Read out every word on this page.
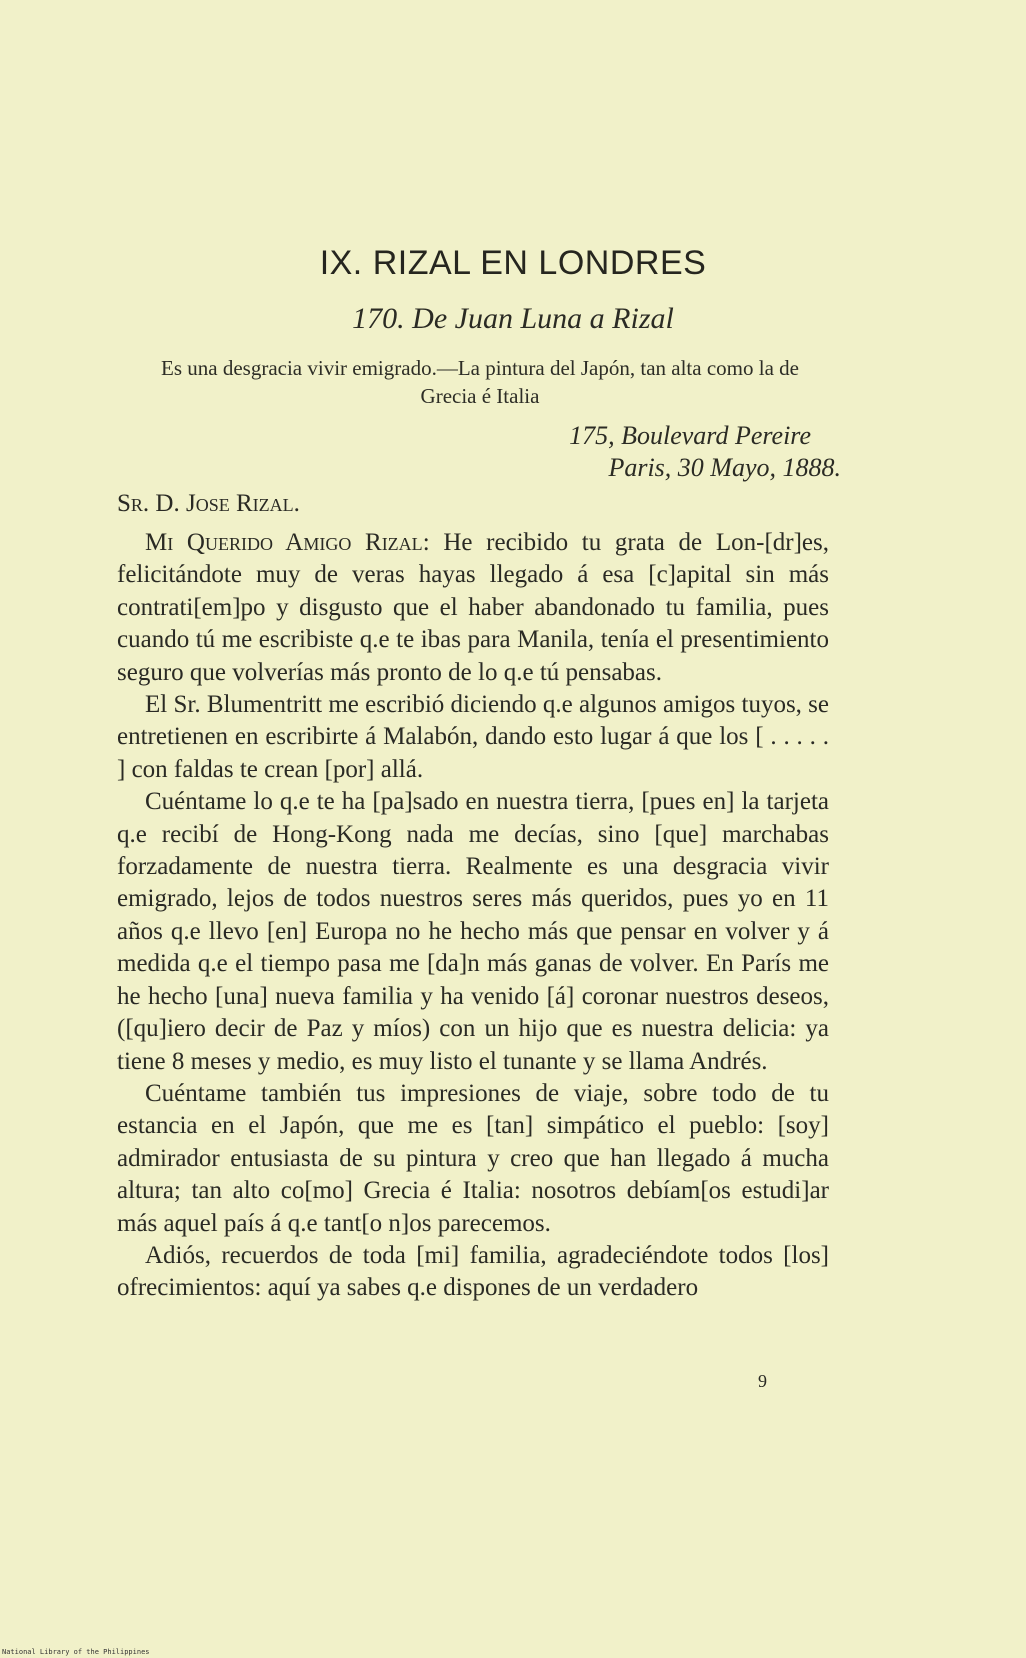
IX. RIZAL EN LONDRES
170. De Juan Luna a Rizal
Es una desgracia vivir emigrado.—La pintura del Japón, tan alta como la de Grecia é Italia
175, Boulevard Pereire
Paris, 30 Mayo, 1888.
Sr. D. Jose Rizal.

Mi Querido Amigo Rizal: He recibido tu grata de Lon-[dr]es, felicitándote muy de veras hayas llegado á esa [c]apital sin más contrati[em]po y disgusto que el haber abandonado tu familia, pues cuando tú me escribiste q.e te ibas para Manila, tenía el presentimiento seguro que volverías más pronto de lo q.e tú pensabas.

El Sr. Blumentritt me escribió diciendo q.e algunos amigos tuyos, se entretienen en escribirte á Malabón, dando esto lugar á que los [ . . . . . ] con faldas te crean [por] allá.

Cuéntame lo q.e te ha [pa]sado en nuestra tierra, [pues en] la tarjeta q.e recibí de Hong-Kong nada me decías, sino [que] marchabas forzadamente de nuestra tierra. Realmente es una desgracia vivir emigrado, lejos de todos nuestros seres más queridos, pues yo en 11 años q.e llevo [en] Europa no he hecho más que pensar en volver y á medida q.e el tiempo pasa me [da]n más ganas de volver. En París me he hecho [una] nueva familia y ha venido [á] coronar nuestros deseos, ([qu]iero decir de Paz y míos) con un hijo que es nuestra delicia: ya tiene 8 meses y medio, es muy listo el tunante y se llama Andrés.

Cuéntame también tus impresiones de viaje, sobre todo de tu estancia en el Japón, que me es [tan] simpático el pueblo: [soy] admirador entusiasta de su pintura y creo que han llegado á mucha altura; tan alto co[mo] Grecia é Italia: nosotros debíam[os estudi]ar más aquel país á q.e tant[o n]os parecemos.

Adiós, recuerdos de toda [mi] familia, agradeciéndote todos [los] ofrecimientos: aquí ya sabes q.e dispones de un verdadero

9
National Library of the Philippines
